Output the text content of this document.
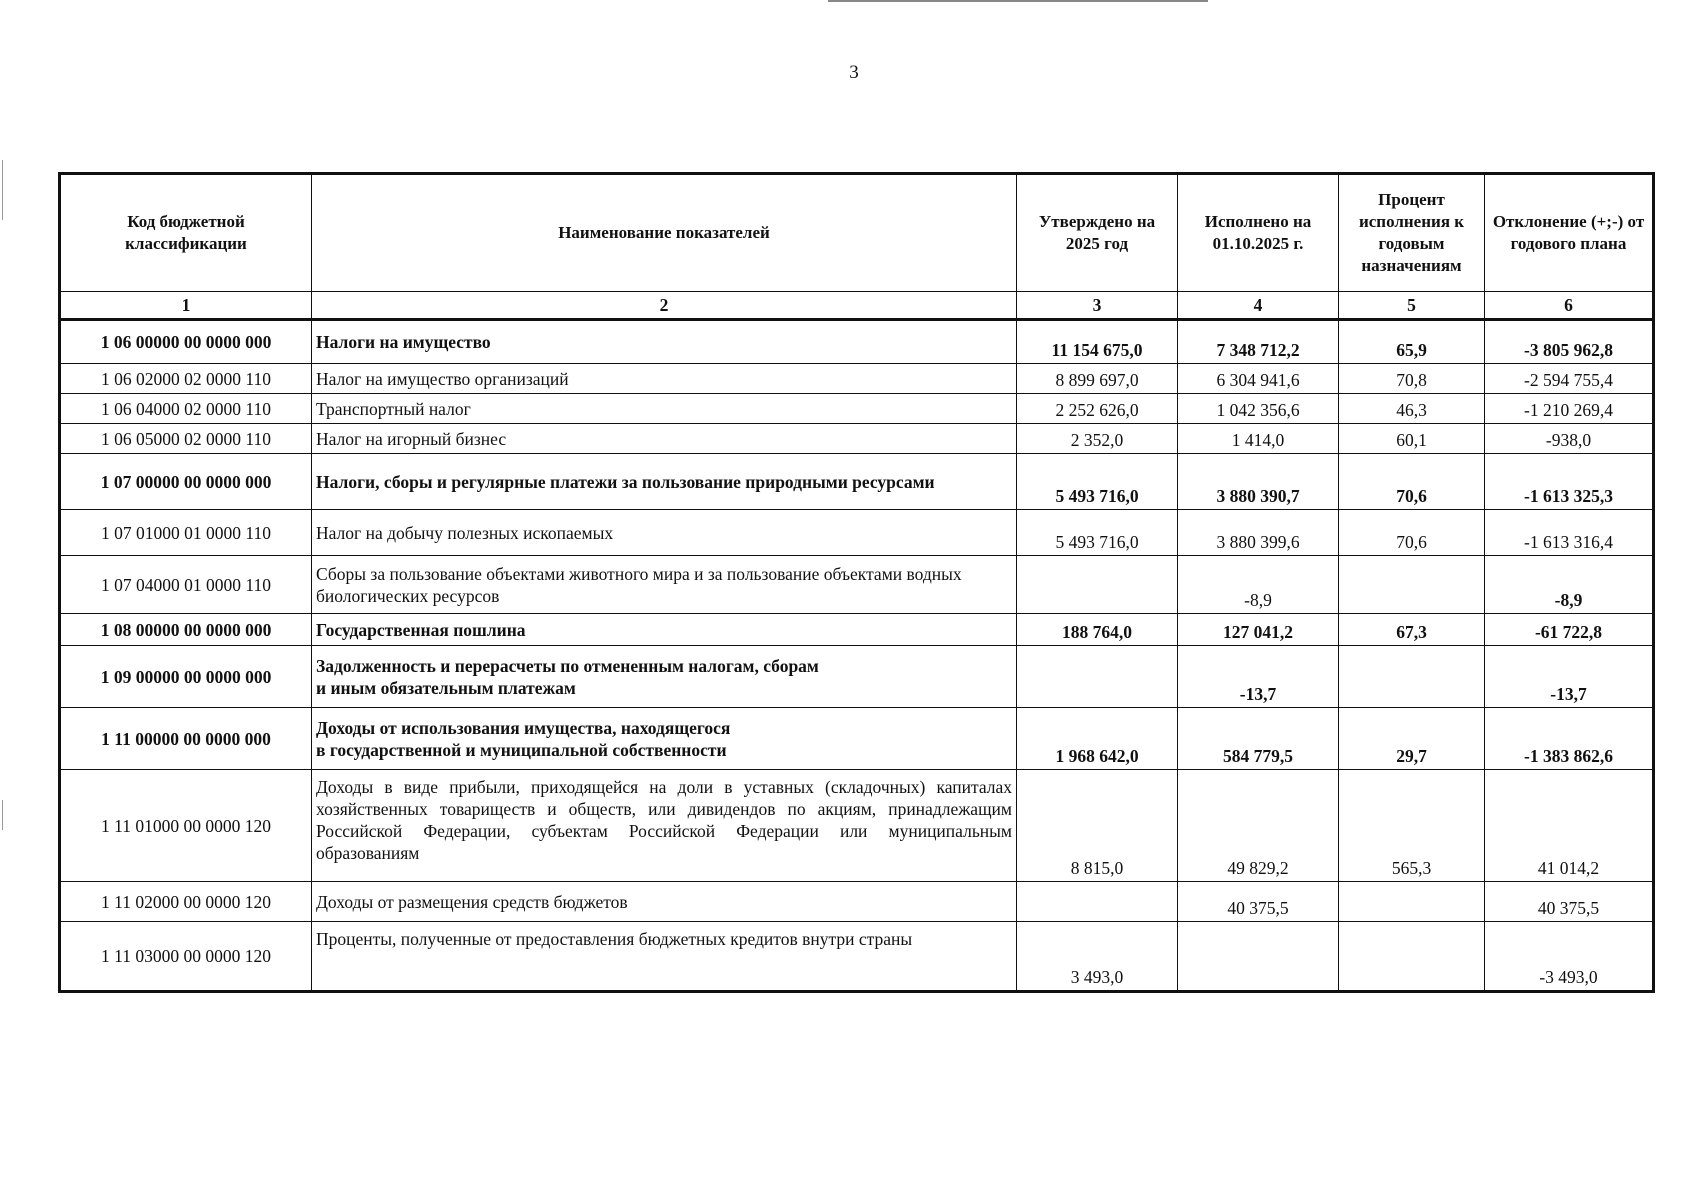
3
Код бюджетной классификации	Наименование показателей	Утверждено на 2025 год	Исполнено на 01.10.2025 г.	Процент исполнения к годовым назначениям	Отклонение (+;-) от годового плана
1	2	3	4	5	6
1 06 00000 00 0000 000	Налоги на имущество	11 154 675,0	7 348 712,2	65,9	-3 805 962,8
1 06 02000 02 0000 110	Налог на имущество организаций	8 899 697,0	6 304 941,6	70,8	-2 594 755,4
1 06 04000 02 0000 110	Транспортный налог	2 252 626,0	1 042 356,6	46,3	-1 210 269,4
1 06 05000 02 0000 110	Налог на игорный бизнес	2 352,0	1 414,0	60,1	-938,0
1 07 00000 00 0000 000	Налоги, сборы и регулярные платежи за пользование природными ресурсами	5 493 716,0	3 880 390,7	70,6	-1 613 325,3
1 07 01000 01 0000 110	Налог на добычу полезных ископаемых	5 493 716,0	3 880 399,6	70,6	-1 613 316,4
1 07 04000 01 0000 110	Сборы за пользование объектами животного мира и за пользование объектами водных биологических ресурсов		-8,9		-8,9
1 08 00000 00 0000 000	Государственная пошлина	188 764,0	127 041,2	67,3	-61 722,8
1 09 00000 00 0000 000	Задолженность и перерасчеты по отмененным налогам, сборам
и иным обязательным платежам		-13,7		-13,7
1 11 00000 00 0000 000	Доходы от использования имущества, находящегося
в государственной и муниципальной собственности	1 968 642,0	584 779,5	29,7	-1 383 862,6
1 11 01000 00 0000 120	Доходы в виде прибыли, приходящейся на доли в уставных (складочных) капиталах хозяйственных товариществ и обществ, или дивидендов по акциям, принадлежащим Российской Федерации, субъектам Российской Федерации или муниципальным образованиям	8 815,0	49 829,2	565,3	41 014,2
1 11 02000 00 0000 120	Доходы от размещения средств бюджетов		40 375,5		40 375,5
1 11 03000 00 0000 120	Проценты, полученные от предоставления бюджетных кредитов внутри страны	3 493,0			-3 493,0
